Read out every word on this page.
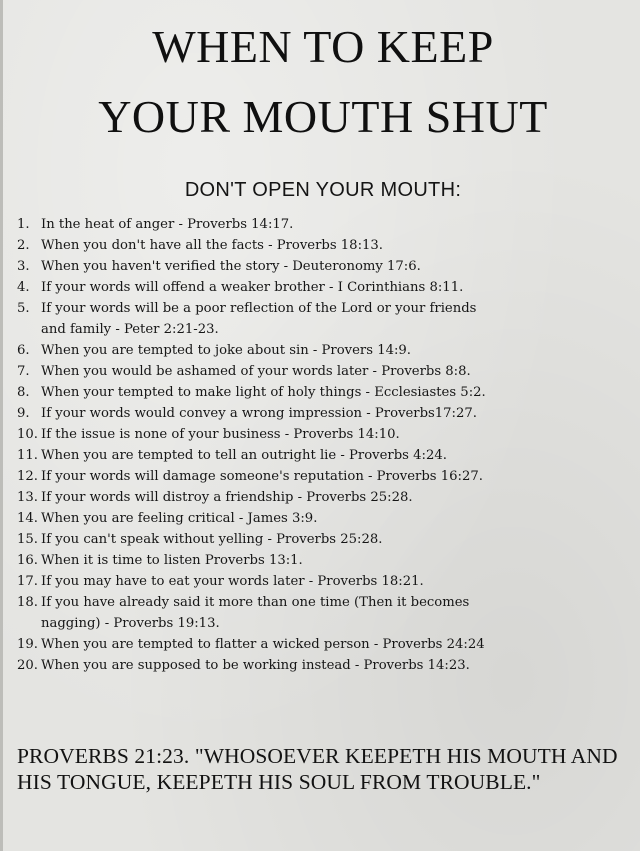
WHEN TO KEEP
YOUR MOUTH SHUT
DON'T OPEN YOUR MOUTH:
1. In the heat of anger - Proverbs 14:17.
2. When you don't have all the facts - Proverbs 18:13.
3. When you haven't verified the story - Deuteronomy 17:6.
4. If your words will offend a weaker brother - I Corinthians 8:11.
5. If your words will be a poor reflection of the Lord or your friends
and family - Peter 2:21-23.
6. When you are tempted to joke about sin - Provers 14:9.
7. When you would be ashamed of your words later - Proverbs 8:8.
8. When your tempted to make light of holy things - Ecclesiastes 5:2.
9. If your words would convey a wrong impression - Proverbs17:27.
10. If the issue is none of your business - Proverbs 14:10.
11. When you are tempted to tell an outright lie - Proverbs 4:24.
12. If your words will damage someone's reputation - Proverbs 16:27.
13. If your words will distroy a friendship - Proverbs 25:28.
14. When you are feeling critical - James 3:9.
15. If you can't speak without yelling - Proverbs 25:28.
16. When it is time to listen Proverbs 13:1.
17. If you may have to eat your words later - Proverbs 18:21.
18. If you have already said it more than one time (Then it becomes
nagging) - Proverbs 19:13.
19. When you are tempted to flatter a wicked person - Proverbs 24:24
20. When you are supposed to be working instead - Proverbs 14:23.
PROVERBS 21:23. "WHOSOEVER KEEPETH HIS MOUTH AND HIS TONGUE, KEEPETH HIS SOUL FROM TROUBLE."
